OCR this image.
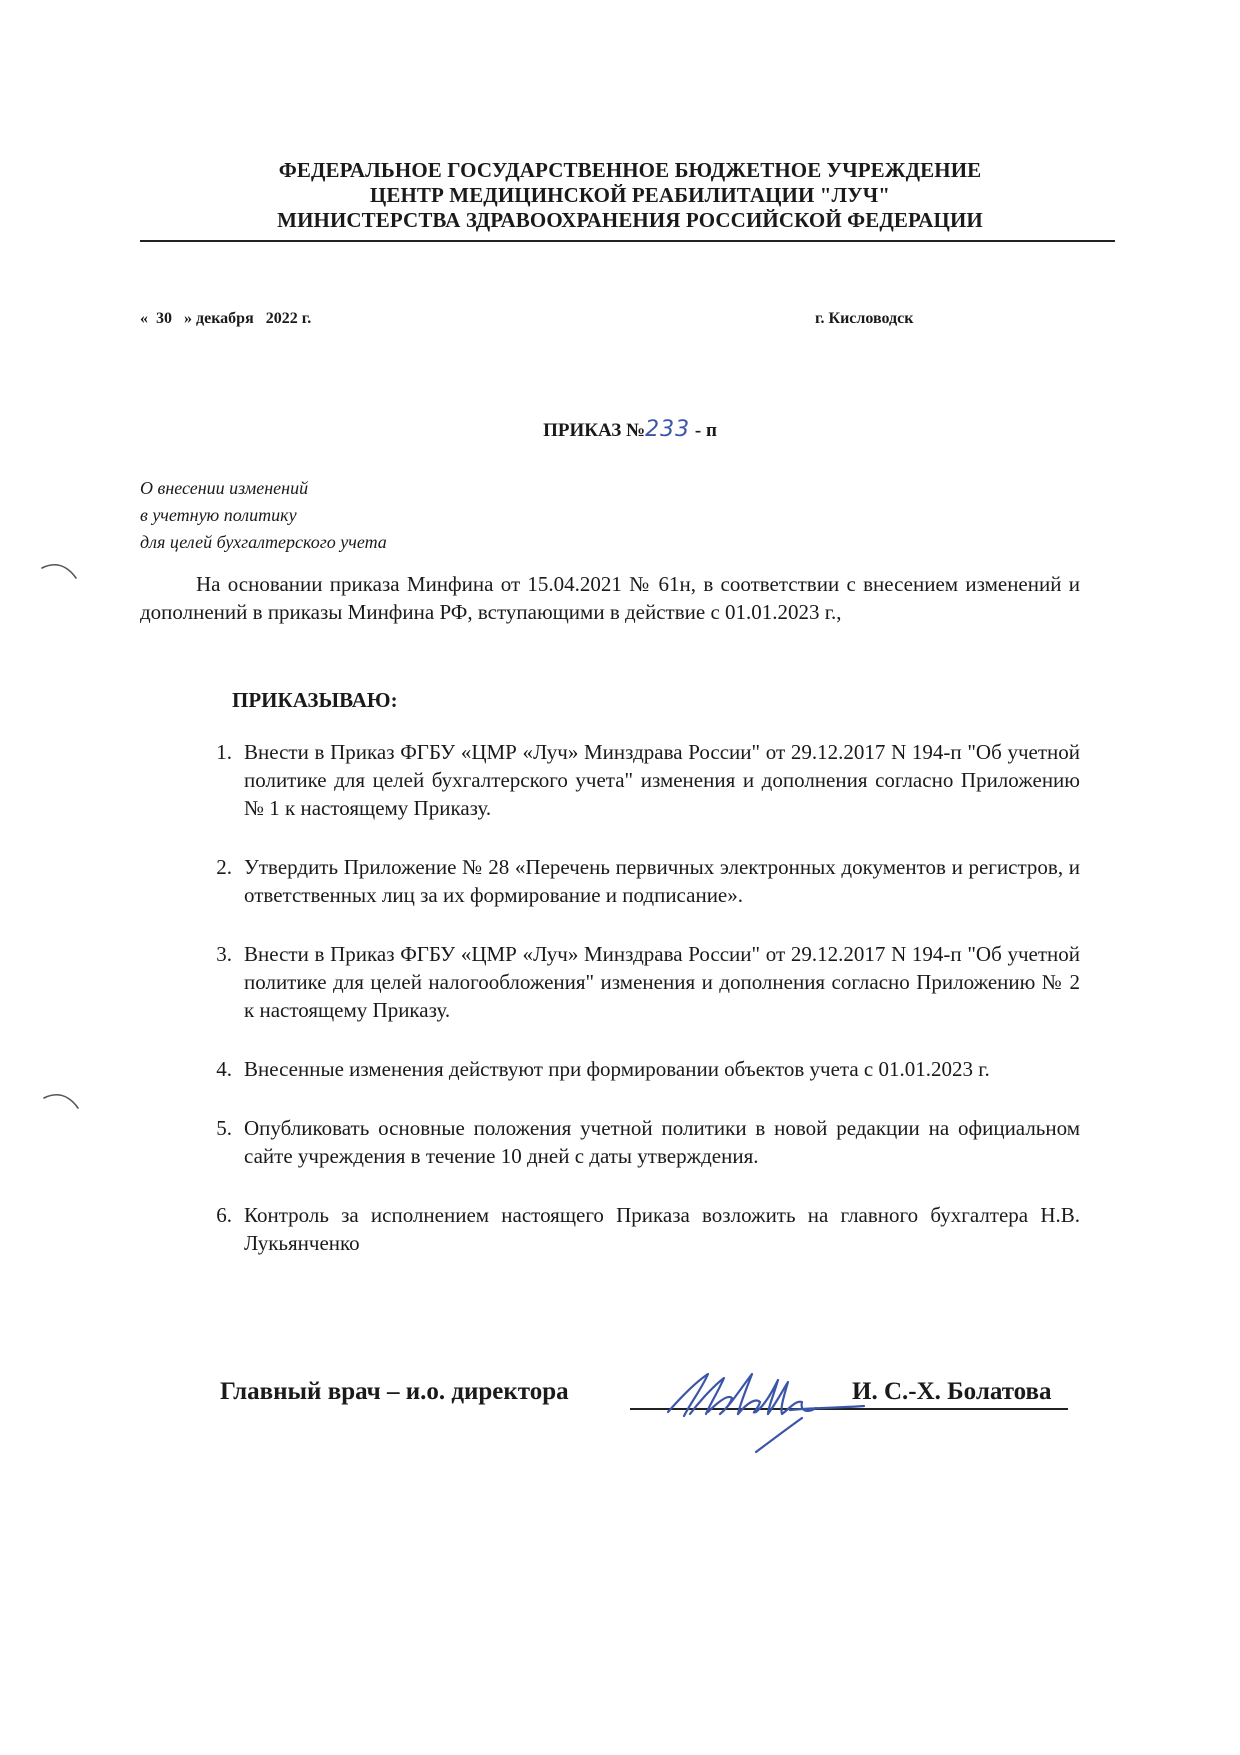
ФЕДЕРАЛЬНОЕ ГОСУДАРСТВЕННОЕ БЮДЖЕТНОЕ УЧРЕЖДЕНИЕ
ЦЕНТР МЕДИЦИНСКОЙ РЕАБИЛИТАЦИИ "ЛУЧ"
МИНИСТЕРСТВА ЗДРАВООХРАНЕНИЯ РОССИЙСКОЙ ФЕДЕРАЦИИ
«  30   » декабря   2022 г.	г. Кисловодск
ПРИКАЗ №233 - п
О внесении изменений
в учетную политику
для целей бухгалтерского учета
На основании приказа Минфина от 15.04.2021 № 61н, в соответствии с внесением изменений и дополнений в приказы Минфина РФ, вступающими в действие с 01.01.2023 г.,
ПРИКАЗЫВАЮ:
1. Внести в Приказ ФГБУ «ЦМР «Луч» Минздрава России" от 29.12.2017 N 194-п "Об учетной политике для целей бухгалтерского учета" изменения и дополнения согласно Приложению № 1 к настоящему Приказу.
2. Утвердить Приложение № 28 «Перечень первичных электронных документов и регистров, и ответственных лиц за их формирование и подписание».
3. Внести в Приказ ФГБУ «ЦМР «Луч» Минздрава России" от 29.12.2017 N 194-п "Об учетной политике для целей налогообложения" изменения и дополнения согласно Приложению № 2 к настоящему Приказу.
4. Внесенные изменения действуют при формировании объектов учета с 01.01.2023 г.
5. Опубликовать основные положения учетной политики в новой редакции на официальном сайте учреждения в течение 10 дней с даты утверждения.
6. Контроль за исполнением настоящего Приказа возложить на главного бухгалтера Н.В. Лукьянченко
Главный врач – и.о. директора	И. С.-Х. Болатова
